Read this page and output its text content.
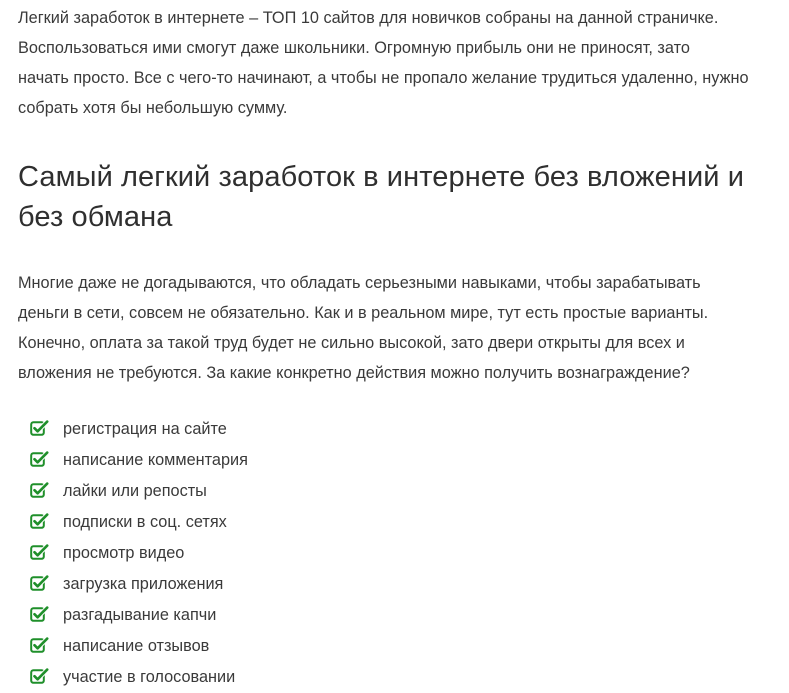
Легкий заработок в интернете – ТОП 10 сайтов для новичков собраны на данной страничке.
Воспользоваться ими смогут даже школьники. Огромную прибыль они не приносят, зато
начать просто. Все с чего-то начинают, а чтобы не пропало желание трудиться удаленно, нужно
собрать хотя бы небольшую сумму.

Самый легкий заработок в интернете без вложений и
без обмана

Многие даже не догадываются, что обладать серьезными навыками, чтобы зарабатывать
деньги в сети, совсем не обязательно. Как и в реальном мире, тут есть простые варианты.
Конечно, оплата за такой труд будет не сильно высокой, зато двери открыты для всех и
вложения не требуются. За какие конкретно действия можно получить вознаграждение?

регистрация на сайте
написание комментария
лайки или репосты
подписки в соц. сетях
просмотр видео
загрузка приложения
разгадывание капчи
написание отзывов
участие в голосовании
